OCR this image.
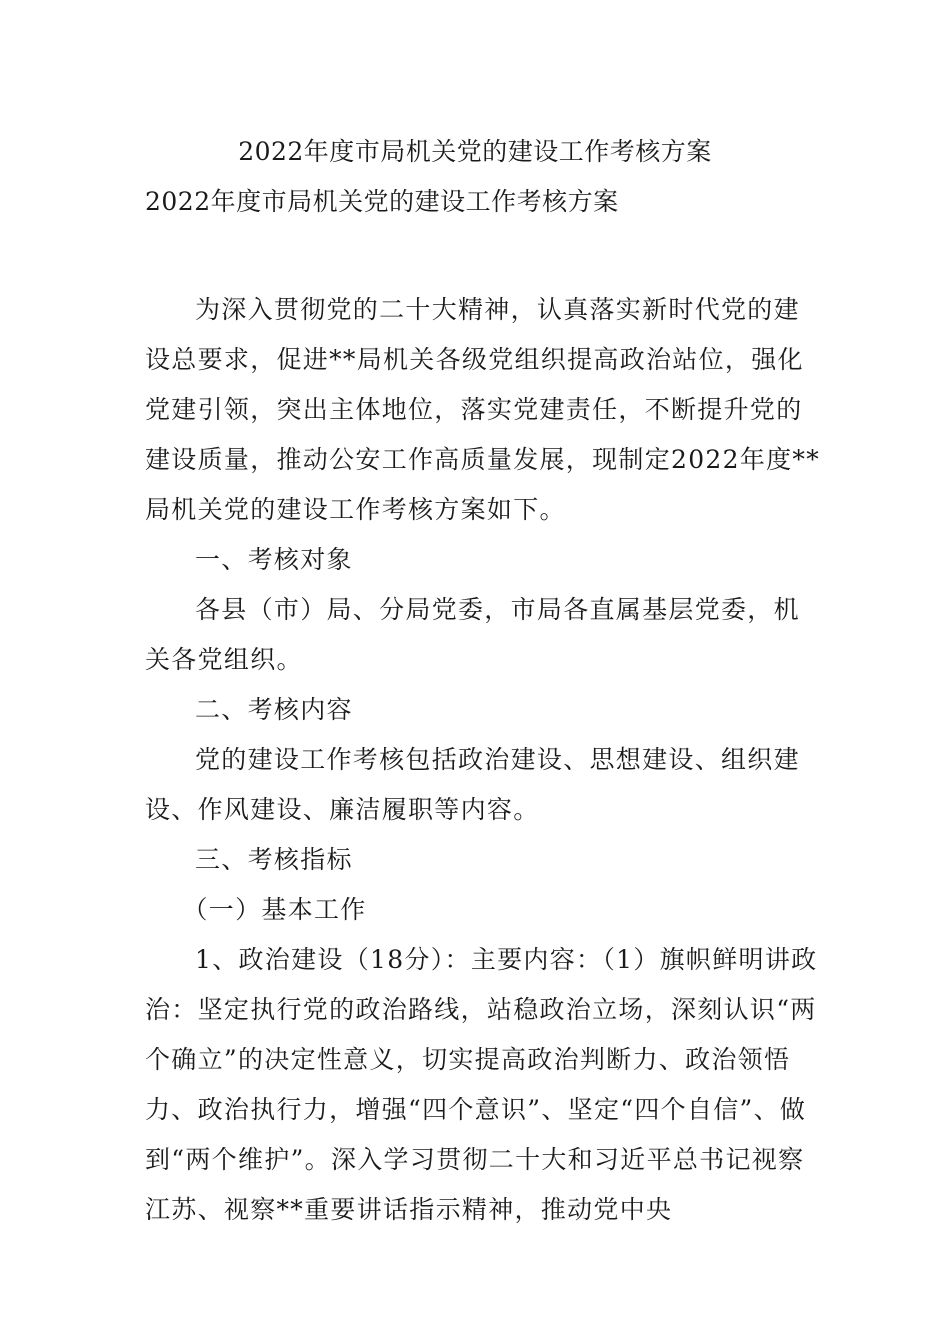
2022年度市局机关党的建设工作考核方案
2022年度市局机关党的建设工作考核方案

为深入贯彻党的二十大精神，认真落实新时代党的建设总要求，促进**局机关各级党组织提高政治站位，强化党建引领，突出主体地位，落实党建责任，不断提升党的建设质量，推动公安工作高质量发展，现制定2022年度**局机关党的建设工作考核方案如下。

一、考核对象

各县（市）局、分局党委，市局各直属基层党委，机关各党组织。

二、考核内容

党的建设工作考核包括政治建设、思想建设、组织建设、作风建设、廉洁履职等内容。

三、考核指标

（一）基本工作

1、政治建设（18分）：主要内容：（1）旗帜鲜明讲政治：坚定执行党的政治路线，站稳政治立场，深刻认识“两个确立”的决定性意义，切实提高政治判断力、政治领悟力、政治执行力，增强“四个意识”、坚定“四个自信”、做到“两个维护”。深入学习贯彻二十大和习近平总书记视察江苏、视察**重要讲话指示精神，推动党中央
